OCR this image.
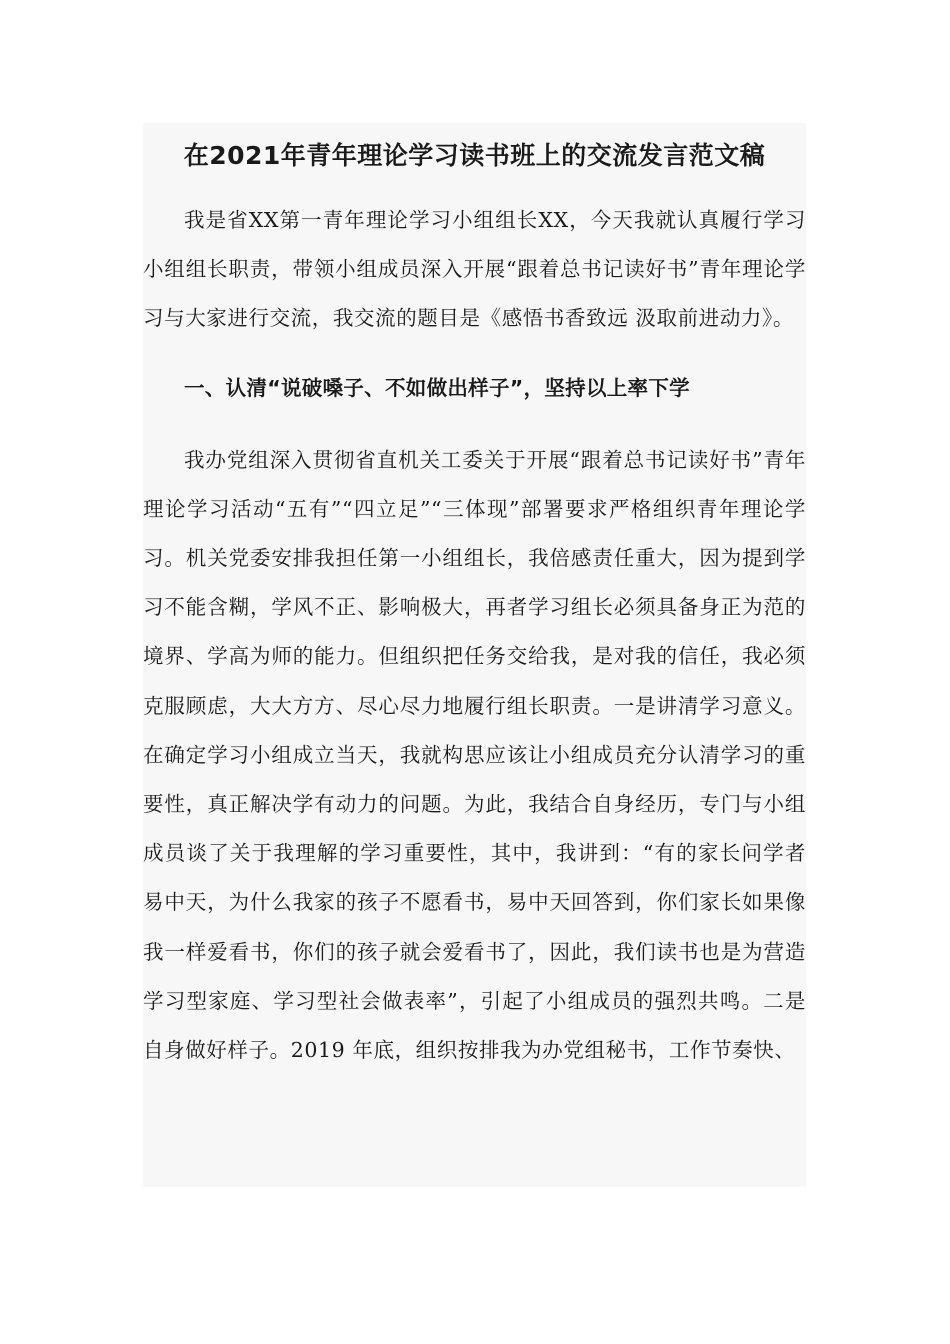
在2021年青年理论学习读书班上的交流发言范文稿

我是省XX第一青年理论学习小组组长XX，今天我就认真履行学习小组组长职责，带领小组成员深入开展“跟着总书记读好书”青年理论学习与大家进行交流，我交流的题目是《感悟书香致远 汲取前进动力》。

一、认清“说破嗓子、不如做出样子”，坚持以上率下学

我办党组深入贯彻省直机关工委关于开展“跟着总书记读好书”青年理论学习活动“五有”“四立足”“三体现”部署要求严格组织青年理论学习。机关党委安排我担任第一小组组长，我倍感责任重大，因为提到学习不能含糊，学风不正、影响极大，再者学习组长必须具备身正为范的境界、学高为师的能力。但组织把任务交给我，是对我的信任，我必须克服顾虑，大大方方、尽心尽力地履行组长职责。一是讲清学习意义。在确定学习小组成立当天，我就构思应该让小组成员充分认清学习的重要性，真正解决学有动力的问题。为此，我结合自身经历，专门与小组成员谈了关于我理解的学习重要性，其中，我讲到：“有的家长问学者易中天，为什么我家的孩子不愿看书，易中天回答到，你们家长如果像我一样爱看书，你们的孩子就会爱看书了，因此，我们读书也是为营造学习型家庭、学习型社会做表率”，引起了小组成员的强烈共鸣。二是自身做好样子。2019 年底，组织按排我为办党组秘书，工作节奏快、
